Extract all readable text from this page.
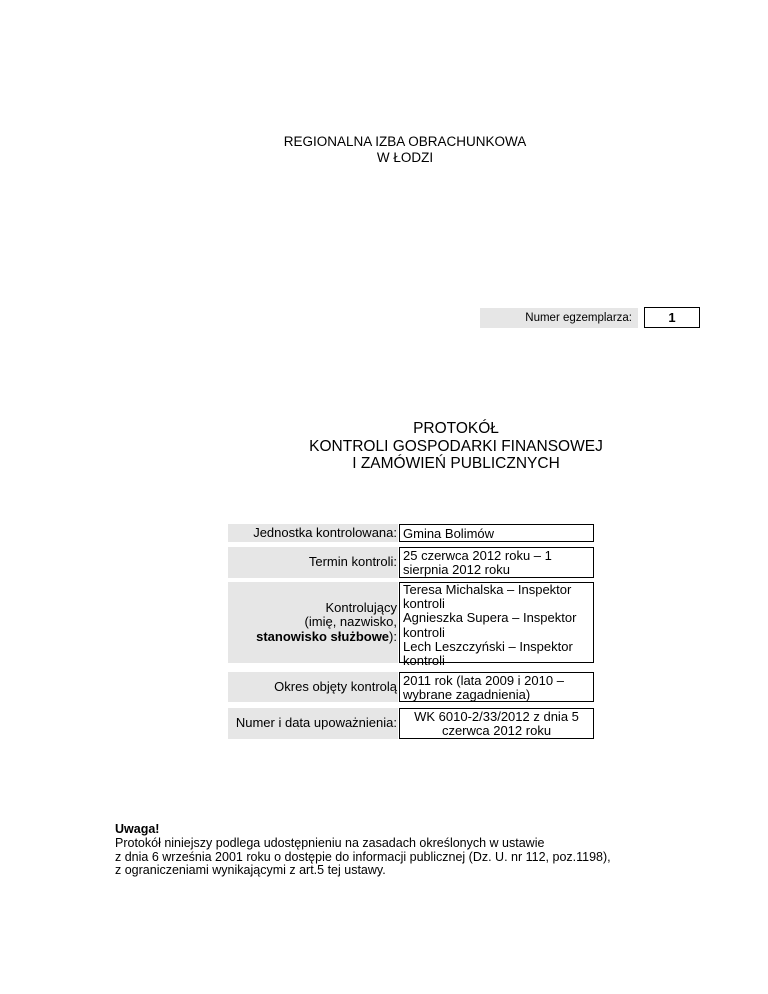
REGIONALNA IZBA OBRACHUNKOWA
W ŁODZI
Numer egzemplarza:	1
PROTOKÓŁ
KONTROLI GOSPODARKI FINANSOWEJ
I ZAMÓWIEŃ PUBLICZNYCH
Jednostka kontrolowana: Gmina Bolimów
Termin kontroli: 25 czerwca 2012 roku – 1
sierpnia 2012 roku
Kontrolujący
(imię, nazwisko,
stanowisko służbowe):
Teresa Michalska – Inspektor
kontroli
Agnieszka Supera – Inspektor
kontroli
Lech Leszczyński – Inspektor
kontroli
Okres objęty kontrolą 2011 rok (lata 2009 i 2010 –
wybrane zagadnienia)
Numer i data upoważnienia:	WK 6010-2/33/2012 z dnia 5
czerwca 2012 roku
Uwaga!
Protokół niniejszy podlega udostępnieniu na zasadach określonych w ustawie
z dnia 6 września 2001 roku o dostępie do informacji publicznej (Dz. U. nr 112, poz.1198),
z ograniczeniami wynikającymi z art.5 tej ustawy.
